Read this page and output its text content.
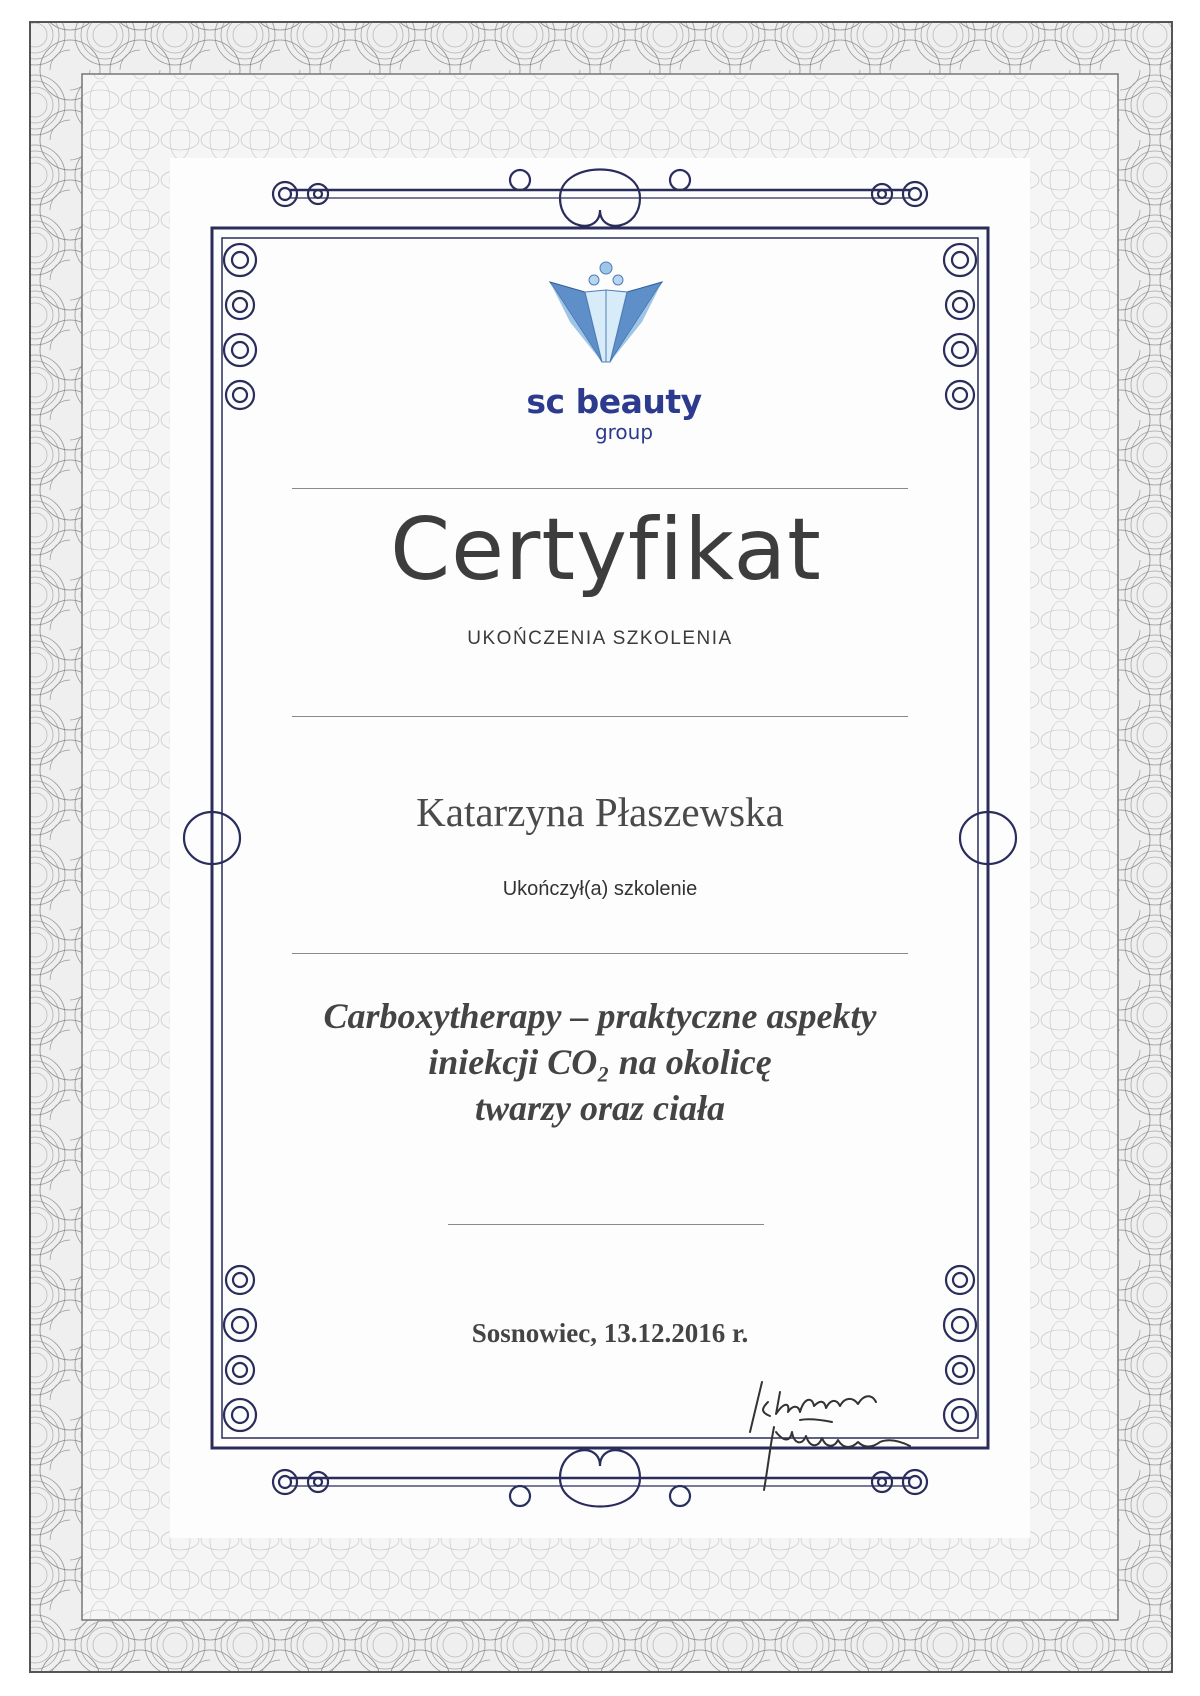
sc beauty
group
Certyfikat
UKOŃCZENIA SZKOLENIA
Katarzyna Płaszewska
Ukończył(a) szkolenie
Carboxytherapy – praktyczne aspekty
iniekcji CO₂ na okolicę
twarzy oraz ciała
Sosnowiec, 13.12.2016 r.
